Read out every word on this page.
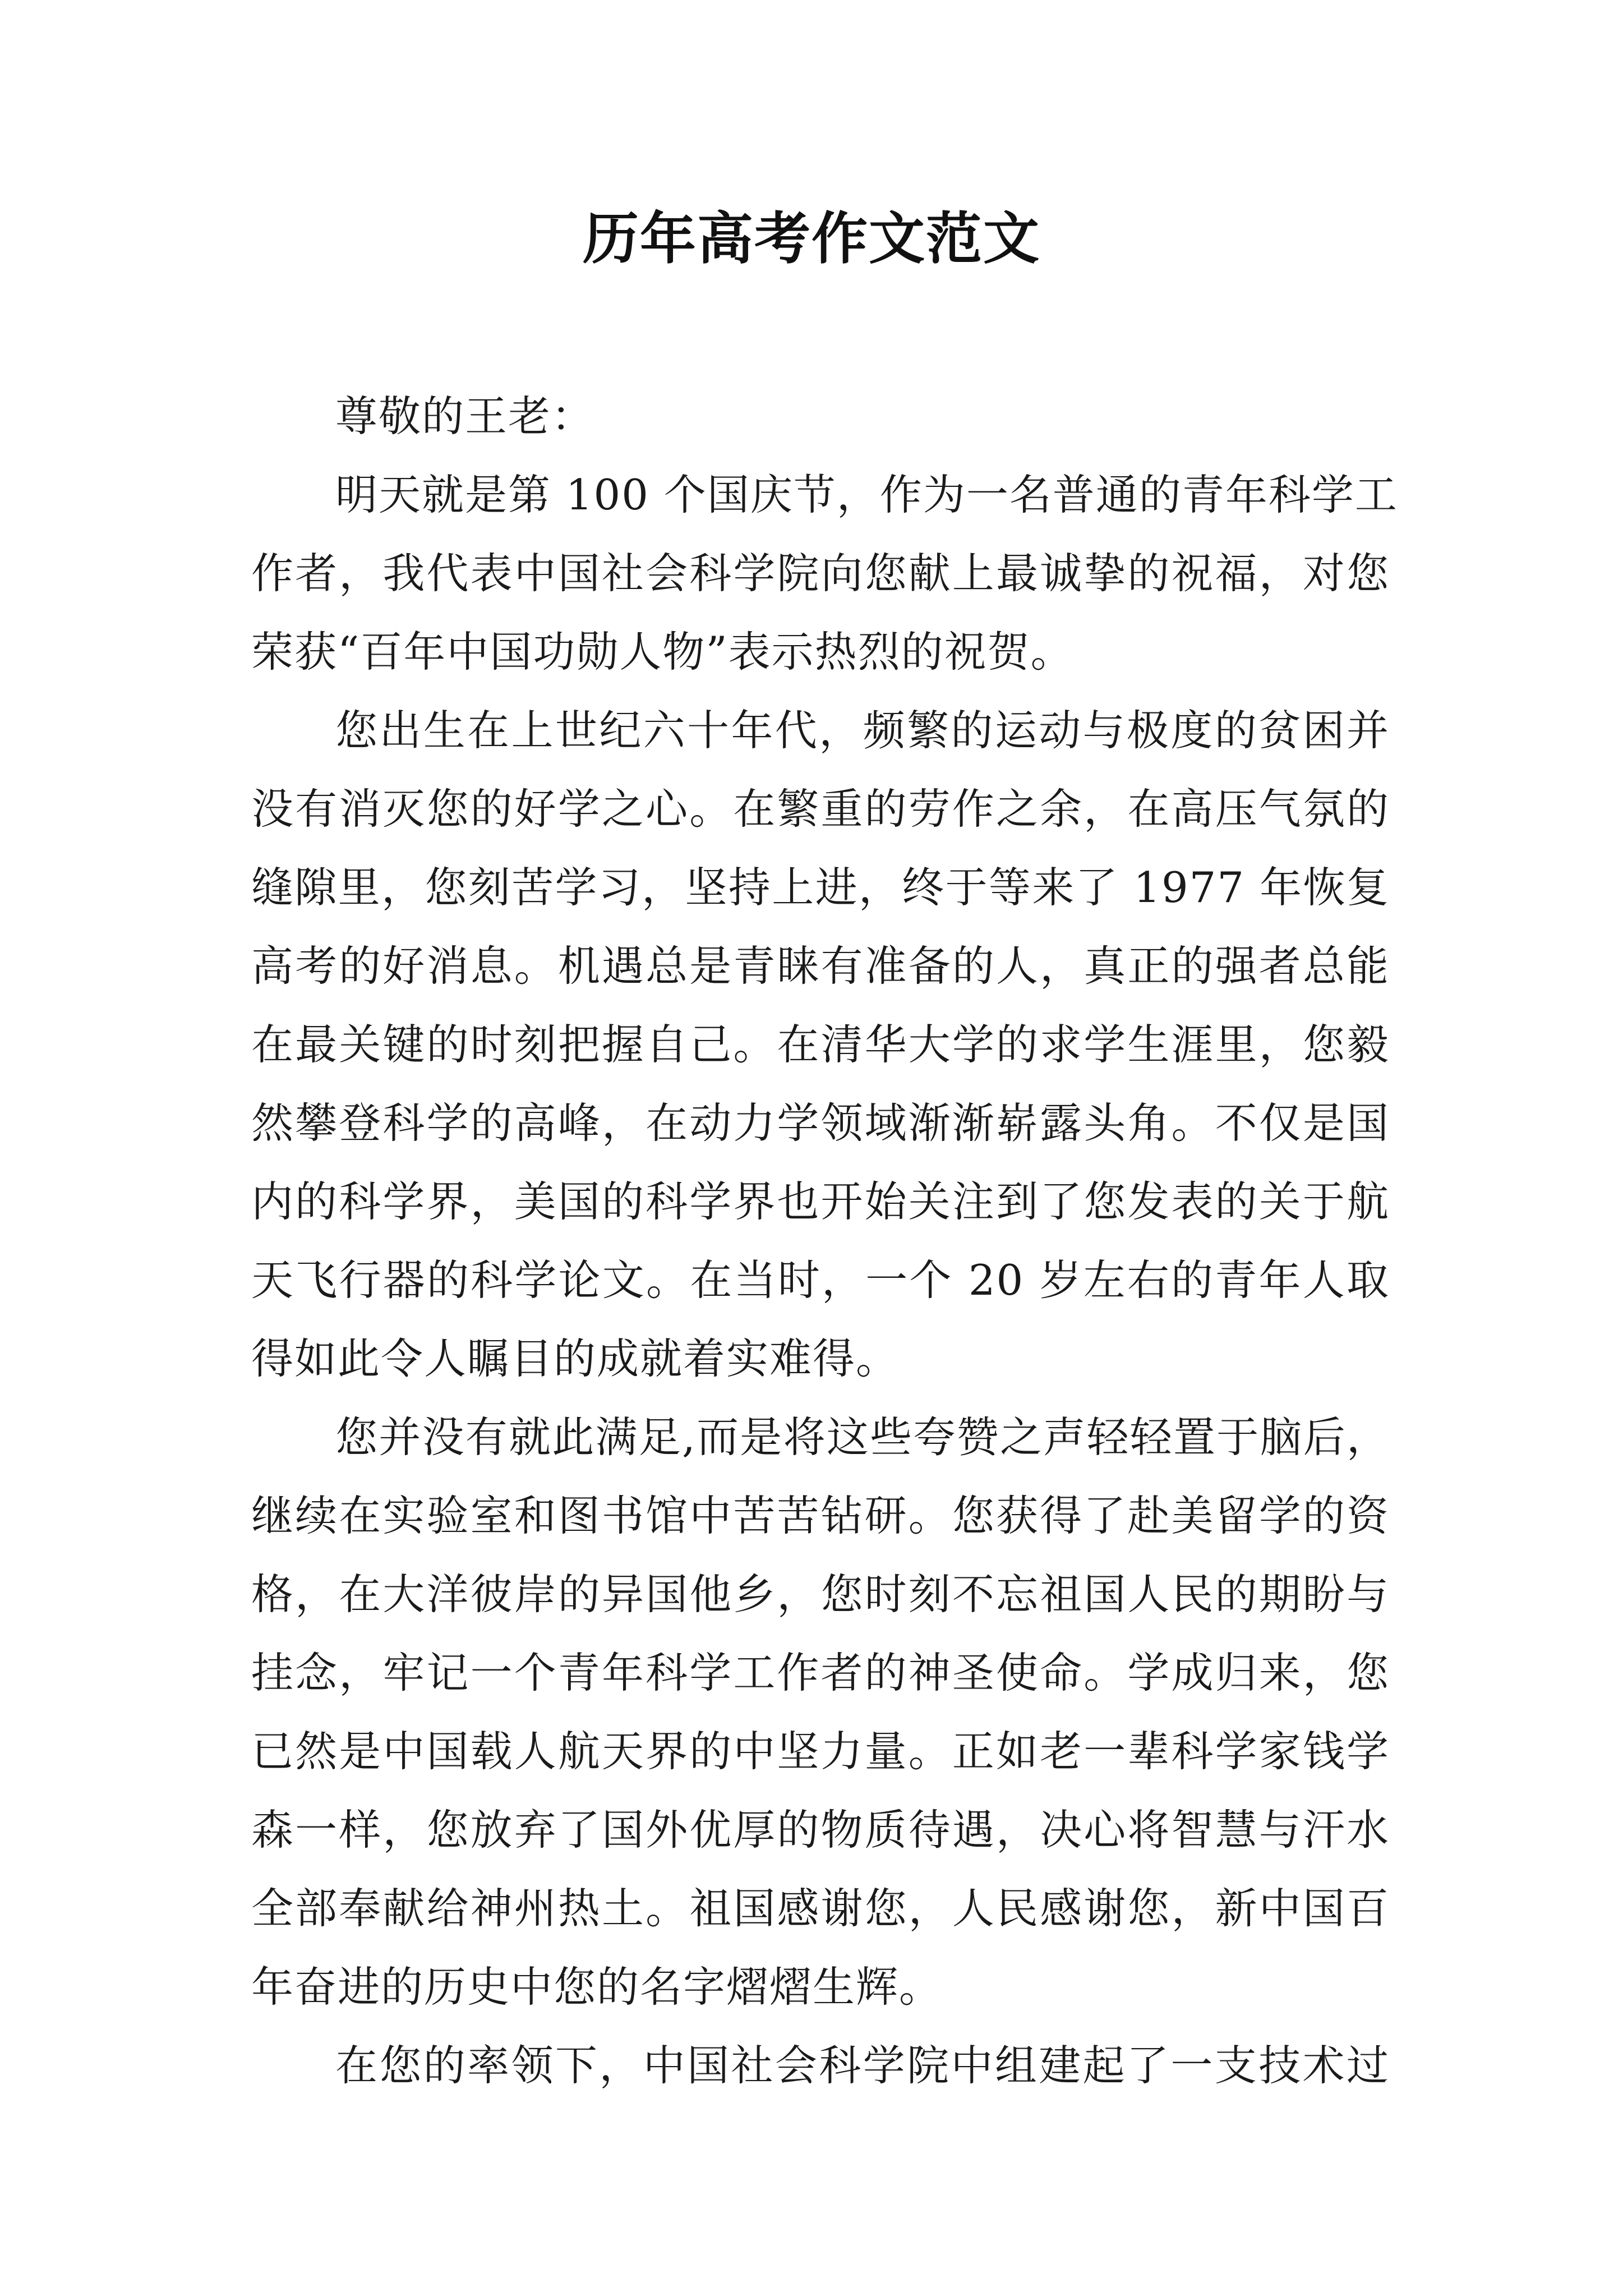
历年高考作文范文
尊敬的王老：
明天就是第 100 个国庆节，作为一名普通的青年科学工
作者，我代表中国社会科学院向您献上最诚挚的祝福，对您
荣获“百年中国功勋人物”表示热烈的祝贺。
您出生在上世纪六十年代，频繁的运动与极度的贫困并
没有消灭您的好学之心。在繁重的劳作之余，在高压气氛的
缝隙里，您刻苦学习，坚持上进，终于等来了 1977 年恢复
高考的好消息。机遇总是青睐有准备的人，真正的强者总能
在最关键的时刻把握自己。在清华大学的求学生涯里，您毅
然攀登科学的高峰，在动力学领域渐渐崭露头角。不仅是国
内的科学界，美国的科学界也开始关注到了您发表的关于航
天飞行器的科学论文。在当时，一个 20 岁左右的青年人取
得如此令人瞩目的成就着实难得。
您并没有就此满足,而是将这些夸赞之声轻轻置于脑后，
继续在实验室和图书馆中苦苦钻研。您获得了赴美留学的资
格，在大洋彼岸的异国他乡，您时刻不忘祖国人民的期盼与
挂念，牢记一个青年科学工作者的神圣使命。学成归来，您
已然是中国载人航天界的中坚力量。正如老一辈科学家钱学
森一样，您放弃了国外优厚的物质待遇，决心将智慧与汗水
全部奉献给神州热土。祖国感谢您，人民感谢您，新中国百
年奋进的历史中您的名字熠熠生辉。
在您的率领下，中国社会科学院中组建起了一支技术过
